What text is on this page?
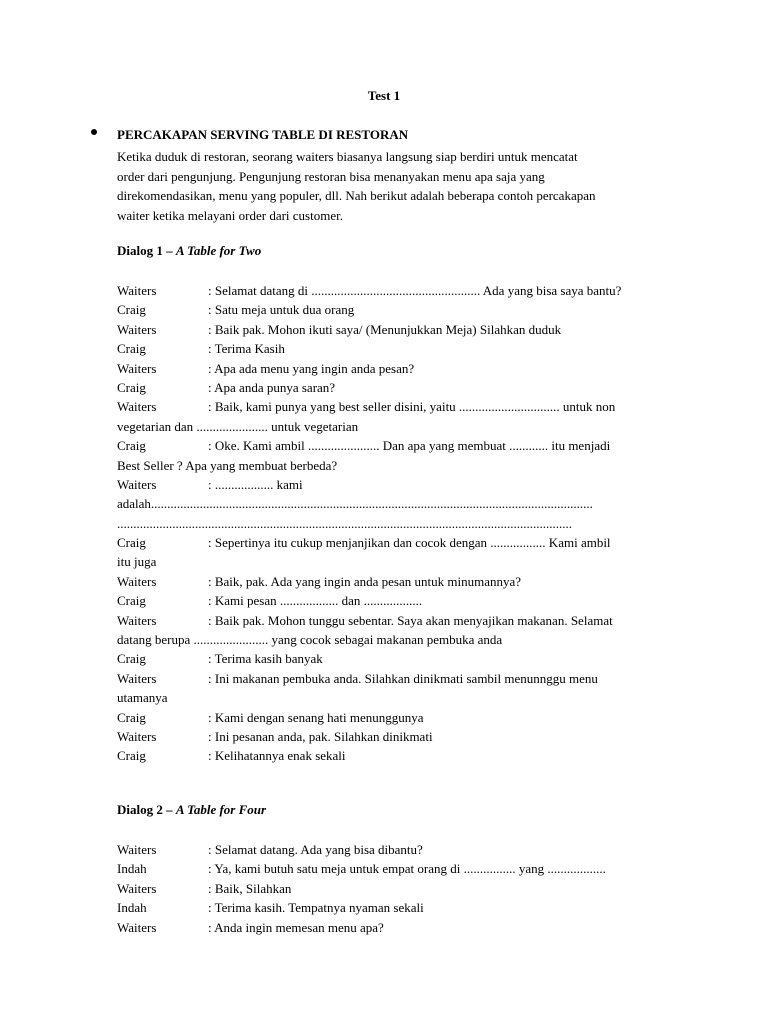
Test 1
PERCAKAPAN SERVING TABLE DI RESTORAN
Ketika duduk di restoran, seorang waiters biasanya langsung siap berdiri untuk mencatat
order dari pengunjung. Pengunjung restoran bisa menanyakan menu apa saja yang
direkomendasikan, menu yang populer, dll. Nah berikut adalah beberapa contoh percakapan
waiter ketika melayani order dari customer.
Dialog 1 – A Table for Two
Waiters	: Selamat datang di .................................................... Ada yang bisa saya bantu?
Craig	: Satu meja untuk dua orang
Waiters	: Baik pak. Mohon ikuti saya/ (Menunjukkan Meja) Silahkan duduk
Craig	: Terima Kasih
Waiters	: Apa ada menu yang ingin anda pesan?
Craig	: Apa anda punya saran?
Waiters	: Baik, kami punya yang best seller disini, yaitu ............................... untuk non
vegetarian dan ...................... untuk vegetarian
Craig	: Oke. Kami ambil ...................... Dan apa yang membuat ............ itu menjadi
Best Seller ? Apa yang membuat berbeda?
Waiters	: .................. kami
adalah........................................................................................................................................
............................................................................................................................................
Craig	: Sepertinya itu cukup menjanjikan dan cocok dengan ................. Kami ambil
itu juga
Waiters	: Baik, pak. Ada yang ingin anda pesan untuk minumannya?
Craig	: Kami pesan .................. dan ..................
Waiters	: Baik pak. Mohon tunggu sebentar. Saya akan menyajikan makanan. Selamat
datang berupa ....................... yang cocok sebagai makanan pembuka anda
Craig	: Terima kasih banyak
Waiters	: Ini makanan pembuka anda. Silahkan dinikmati sambil menunnggu menu
utamanya
Craig	: Kami dengan senang hati menunggunya
Waiters	: Ini pesanan anda, pak. Silahkan dinikmati
Craig	: Kelihatannya enak sekali
Dialog 2 – A Table for Four
Waiters	: Selamat datang. Ada yang bisa dibantu?
Indah	: Ya, kami butuh satu meja untuk empat orang di ................ yang ..................
Waiters	: Baik, Silahkan
Indah	: Terima kasih. Tempatnya nyaman sekali
Waiters	: Anda ingin memesan menu apa?
